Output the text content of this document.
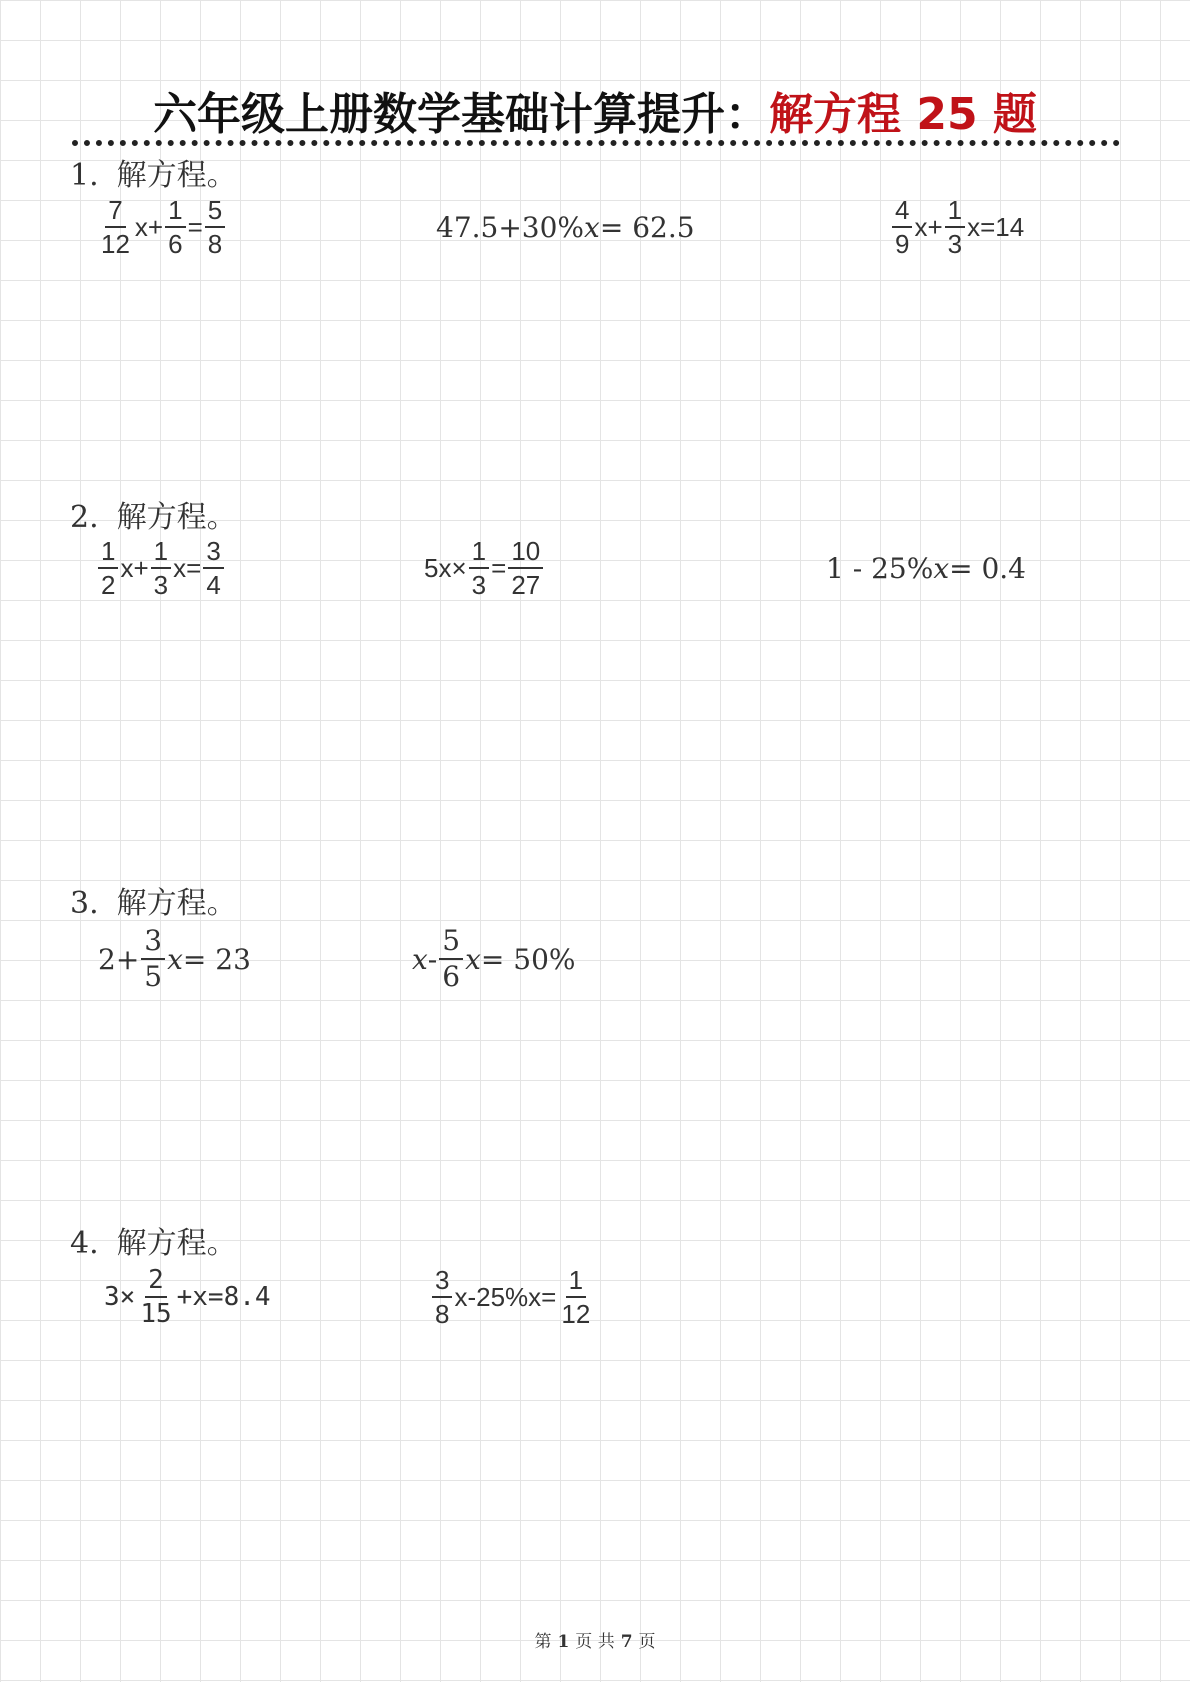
六年级上册数学基础计算提升：解方程 25 题
1. 解方程。
$\frac{7}{12} x+ \frac{1}{6} = \frac{5}{8}$	47.5+30% x = 62.5	$\frac{4}{9} x+ \frac{1}{3} x=14$
2. 解方程。
$\frac{1}{2} x+ \frac{1}{3} x= \frac{3}{4}$	$5x\times \frac{1}{3} = \frac{10}{27}$	1 - 25% x = 0.4
3. 解方程。
$2+ \frac{3}{5}$ x = 23	x - $\frac{5}{6}$ x = 50%
4. 解方程。
$3\times \frac{2}{15} +x=8.4$	$\frac{3}{8} x-25\%x= \frac{1}{12}$
第 1 页 共 7 页
